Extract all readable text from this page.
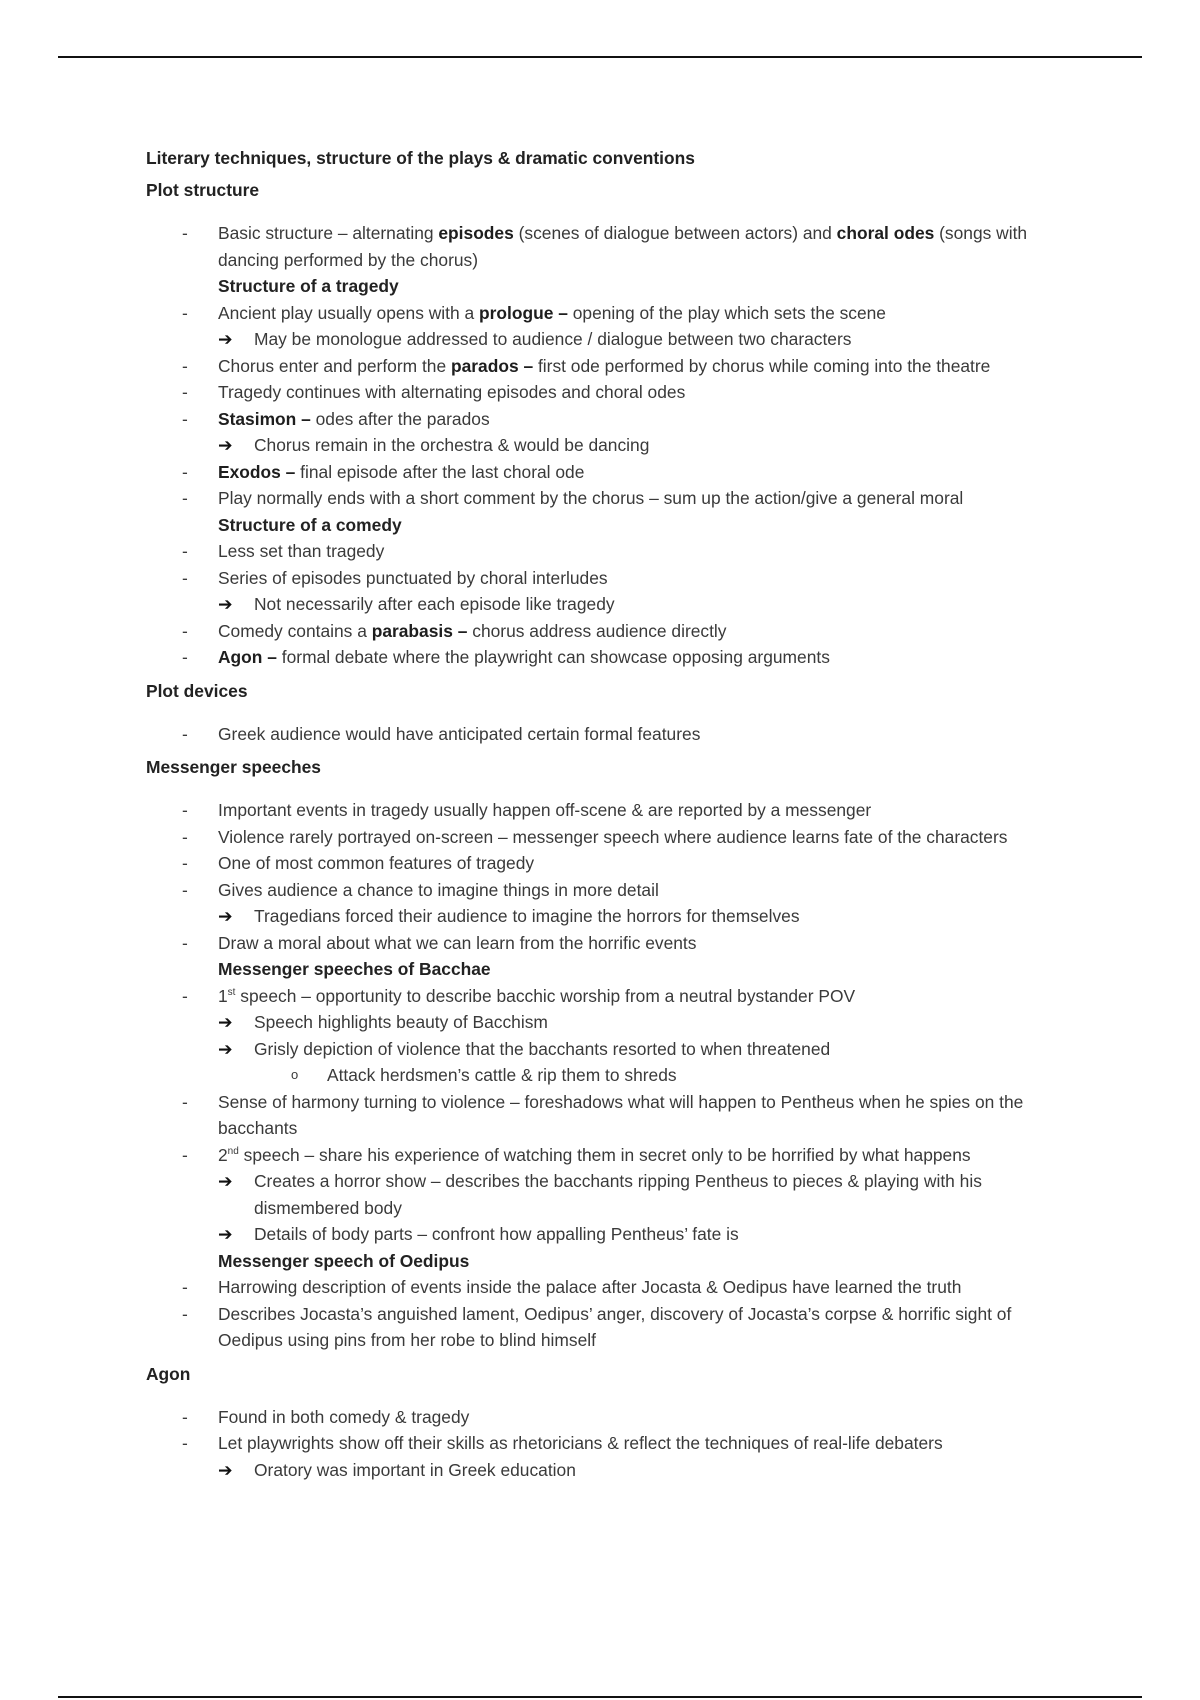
Literary techniques, structure of the plays & dramatic conventions
Plot structure
- Basic structure – alternating episodes (scenes of dialogue between actors) and choral odes (songs with dancing performed by the chorus)
Structure of a tragedy
- Ancient play usually opens with a prologue – opening of the play which sets the scene
➔ May be monologue addressed to audience / dialogue between two characters
- Chorus enter and perform the parados – first ode performed by chorus while coming into the theatre
- Tragedy continues with alternating episodes and choral odes
- Stasimon – odes after the parados
➔ Chorus remain in the orchestra & would be dancing
- Exodos – final episode after the last choral ode
- Play normally ends with a short comment by the chorus – sum up the action/give a general moral
Structure of a comedy
- Less set than tragedy
- Series of episodes punctuated by choral interludes
➔ Not necessarily after each episode like tragedy
- Comedy contains a parabasis – chorus address audience directly
- Agon – formal debate where the playwright can showcase opposing arguments
Plot devices
- Greek audience would have anticipated certain formal features
Messenger speeches
- Important events in tragedy usually happen off-scene & are reported by a messenger
- Violence rarely portrayed on-screen – messenger speech where audience learns fate of the characters
- One of most common features of tragedy
- Gives audience a chance to imagine things in more detail
➔ Tragedians forced their audience to imagine the horrors for themselves
- Draw a moral about what we can learn from the horrific events
Messenger speeches of Bacchae
- 1st speech – opportunity to describe bacchic worship from a neutral bystander POV
➔ Speech highlights beauty of Bacchism
➔ Grisly depiction of violence that the bacchants resorted to when threatened
o Attack herdsmen’s cattle & rip them to shreds
- Sense of harmony turning to violence – foreshadows what will happen to Pentheus when he spies on the bacchants
- 2nd speech – share his experience of watching them in secret only to be horrified by what happens
➔ Creates a horror show – describes the bacchants ripping Pentheus to pieces & playing with his dismembered body
➔ Details of body parts – confront how appalling Pentheus’ fate is
Messenger speech of Oedipus
- Harrowing description of events inside the palace after Jocasta & Oedipus have learned the truth
- Describes Jocasta’s anguished lament, Oedipus’ anger, discovery of Jocasta’s corpse & horrific sight of Oedipus using pins from her robe to blind himself
Agon
- Found in both comedy & tragedy
- Let playwrights show off their skills as rhetoricians & reflect the techniques of real-life debaters
➔ Oratory was important in Greek education
